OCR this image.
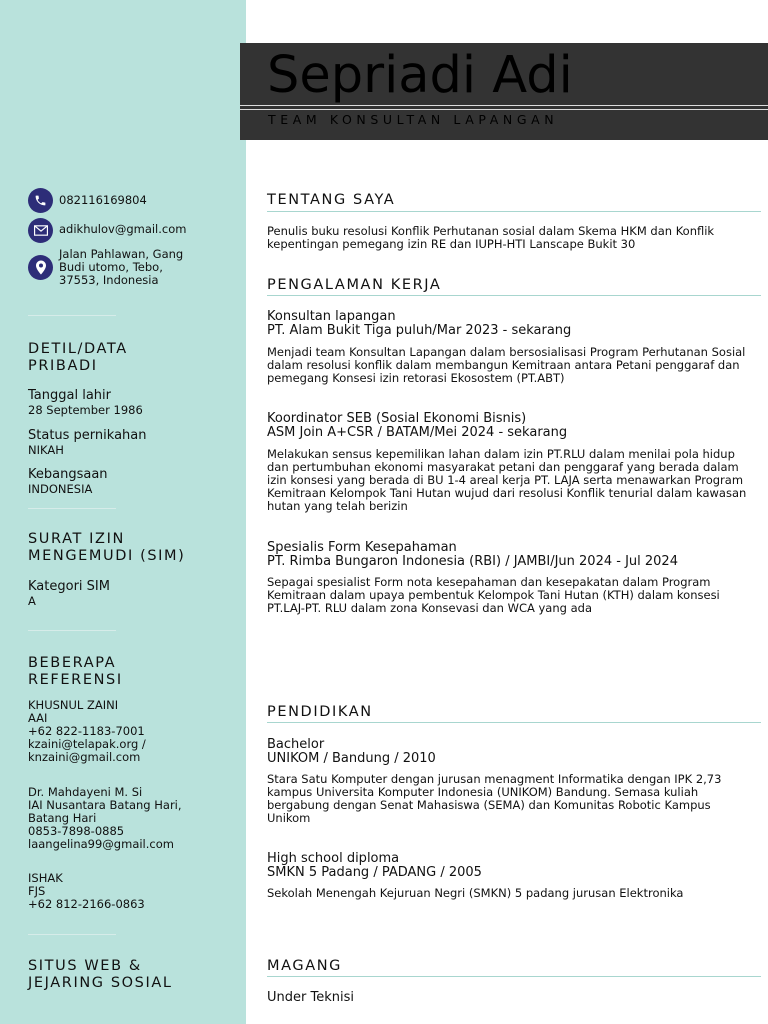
Sepriadi Adi
TEAM KONSULTAN LAPANGAN
082116169804
adikhulov@gmail.com
Jalan Pahlawan, Gang
Budi utomo, Tebo,
37553, Indonesia
DETIL/DATA
PRIBADI
Tanggal lahir
28 September 1986
Status pernikahan
NIKAH
Kebangsaan
INDONESIA
SURAT IZIN
MENGEMUDI (SIM)
Kategori SIM
A
BEBERAPA
REFERENSI
KHUSNUL ZAINI
AAI
+62 822-1183-7001
kzaini@telapak.org /
knzaini@gmail.com
Dr. Mahdayeni M. Si
IAI Nusantara Batang Hari,
Batang Hari
0853-7898-0885
laangelina99@gmail.com
ISHAK
FJS
+62 812-2166-0863
SITUS WEB &
JEJARING SOSIAL
TENTANG SAYA
Penulis buku resolusi Konflik Perhutanan sosial dalam Skema HKM dan Konflik kepentingan pemegang izin RE dan IUPH-HTI Lanscape Bukit 30
PENGALAMAN KERJA
Konsultan lapangan
PT. Alam Bukit Tiga puluh/Mar 2023 - sekarang
Menjadi team Konsultan Lapangan dalam bersosialisasi Program Perhutanan Sosial dalam resolusi konflik dalam membangun Kemitraan antara Petani penggaraf dan pemegang Konsesi izin retorasi Ekosostem (PT.ABT)
Koordinator SEB (Sosial Ekonomi Bisnis)
ASM Join A+CSR / BATAM/Mei 2024 - sekarang
Melakukan sensus kepemilikan lahan dalam izin PT.RLU dalam menilai pola hidup dan pertumbuhan ekonomi masyarakat petani dan penggaraf yang berada dalam izin konsesi yang berada di BU 1-4 areal kerja PT. LAJA serta menawarkan Program Kemitraan Kelompok Tani Hutan wujud dari resolusi Konflik tenurial dalam kawasan hutan yang telah berizin
Spesialis Form Kesepahaman
PT. Rimba Bungaron Indonesia (RBI) / JAMBI/Jun 2024 - Jul 2024
Sepagai spesialist Form nota kesepahaman dan kesepakatan dalam Program Kemitraan dalam upaya pembentuk Kelompok Tani Hutan (KTH) dalam konsesi PT.LAJ-PT. RLU dalam zona Konsevasi dan WCA yang ada
PENDIDIKAN
Bachelor
UNIKOM / Bandung / 2010
Stara Satu Komputer dengan jurusan menagment Informatika dengan IPK 2,73 kampus Universita Komputer Indonesia (UNIKOM) Bandung. Semasa kuliah bergabung dengan Senat Mahasiswa (SEMA) dan Komunitas Robotic Kampus Unikom
High school diploma
SMKN 5 Padang / PADANG / 2005
Sekolah Menengah Kejuruan Negri (SMKN) 5 padang jurusan Elektronika
MAGANG
Under Teknisi
